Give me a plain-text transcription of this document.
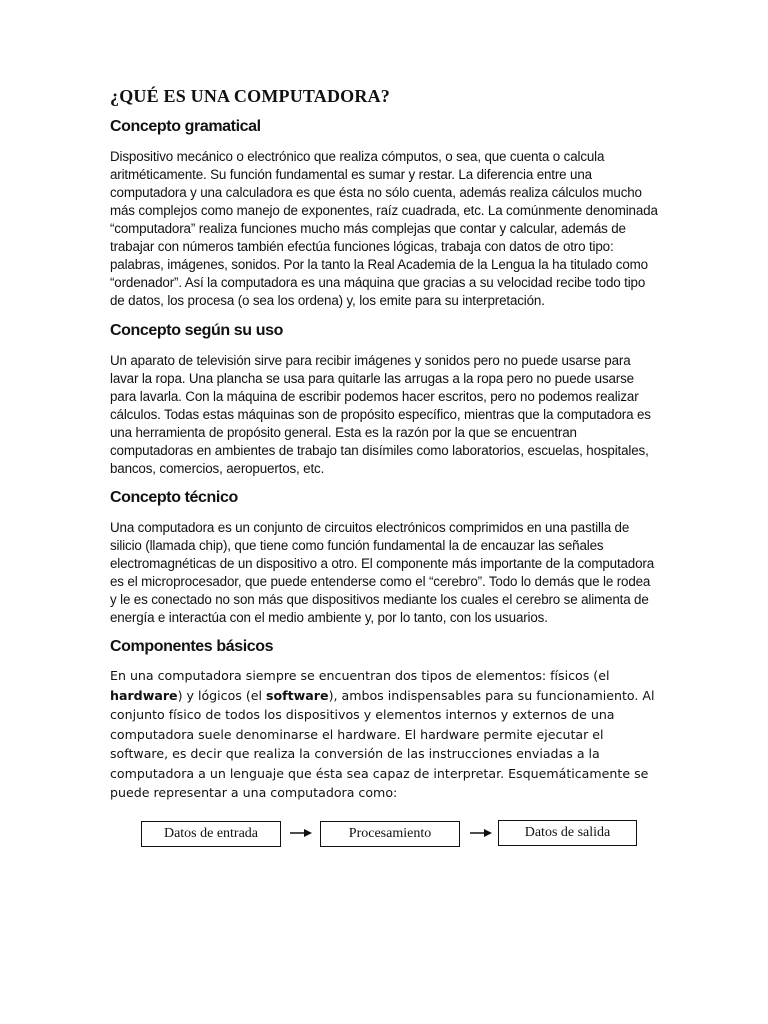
¿QUÉ ES UNA COMPUTADORA?
Concepto gramatical

Dispositivo mecánico o electrónico que realiza cómputos, o sea, que cuenta o calcula aritméticamente. Su función fundamental es sumar y restar. La diferencia entre una computadora y una calculadora es que ésta no sólo cuenta, además realiza cálculos mucho más complejos como manejo de exponentes, raíz cuadrada, etc. La comúnmente denominada “computadora” realiza funciones mucho más complejas que contar y calcular, además de trabajar con números también efectúa funciones lógicas, trabaja con datos de otro tipo: palabras, imágenes, sonidos. Por la tanto la Real Academia de la Lengua la ha titulado como “ordenador”. Así la computadora es una máquina que gracias a su velocidad recibe todo tipo de datos, los procesa (o sea los ordena) y, los emite para su interpretación.

Concepto según su uso

Un aparato de televisión sirve para recibir imágenes y sonidos pero no puede usarse para lavar la ropa. Una plancha se usa para quitarle las arrugas a la ropa pero no puede usarse para lavarla. Con la máquina de escribir podemos hacer escritos, pero no podemos realizar cálculos. Todas estas máquinas son de propósito específico, mientras que la computadora es una herramienta de propósito general. Esta es la razón por la que se encuentran computadoras en ambientes de trabajo tan disímiles como laboratorios, escuelas, hospitales, bancos, comercios, aeropuertos, etc.

Concepto técnico

Una computadora es un conjunto de circuitos electrónicos comprimidos en una pastilla de silicio (llamada chip), que tiene como función fundamental la de encauzar las señales electromagnéticas de un dispositivo a otro. El componente más importante de la computadora es el microprocesador, que puede entenderse como el “cerebro”. Todo lo demás que le rodea y le es conectado no son más que dispositivos mediante los cuales el cerebro se alimenta de energía e interactúa con el medio ambiente y, por lo tanto, con los usuarios.

Componentes básicos

En una computadora siempre se encuentran dos tipos de elementos: físicos (el hardware) y lógicos (el software), ambos indispensables para su funcionamiento. Al conjunto físico de todos los dispositivos y elementos internos y externos de una computadora suele denominarse el hardware. El hardware permite ejecutar el software, es decir que realiza la conversión de las instrucciones enviadas a la computadora a un lenguaje que ésta sea capaz de interpretar. Esquemáticamente se puede representar a una computadora como:

Datos de entrada	Procesamiento	Datos de salida
